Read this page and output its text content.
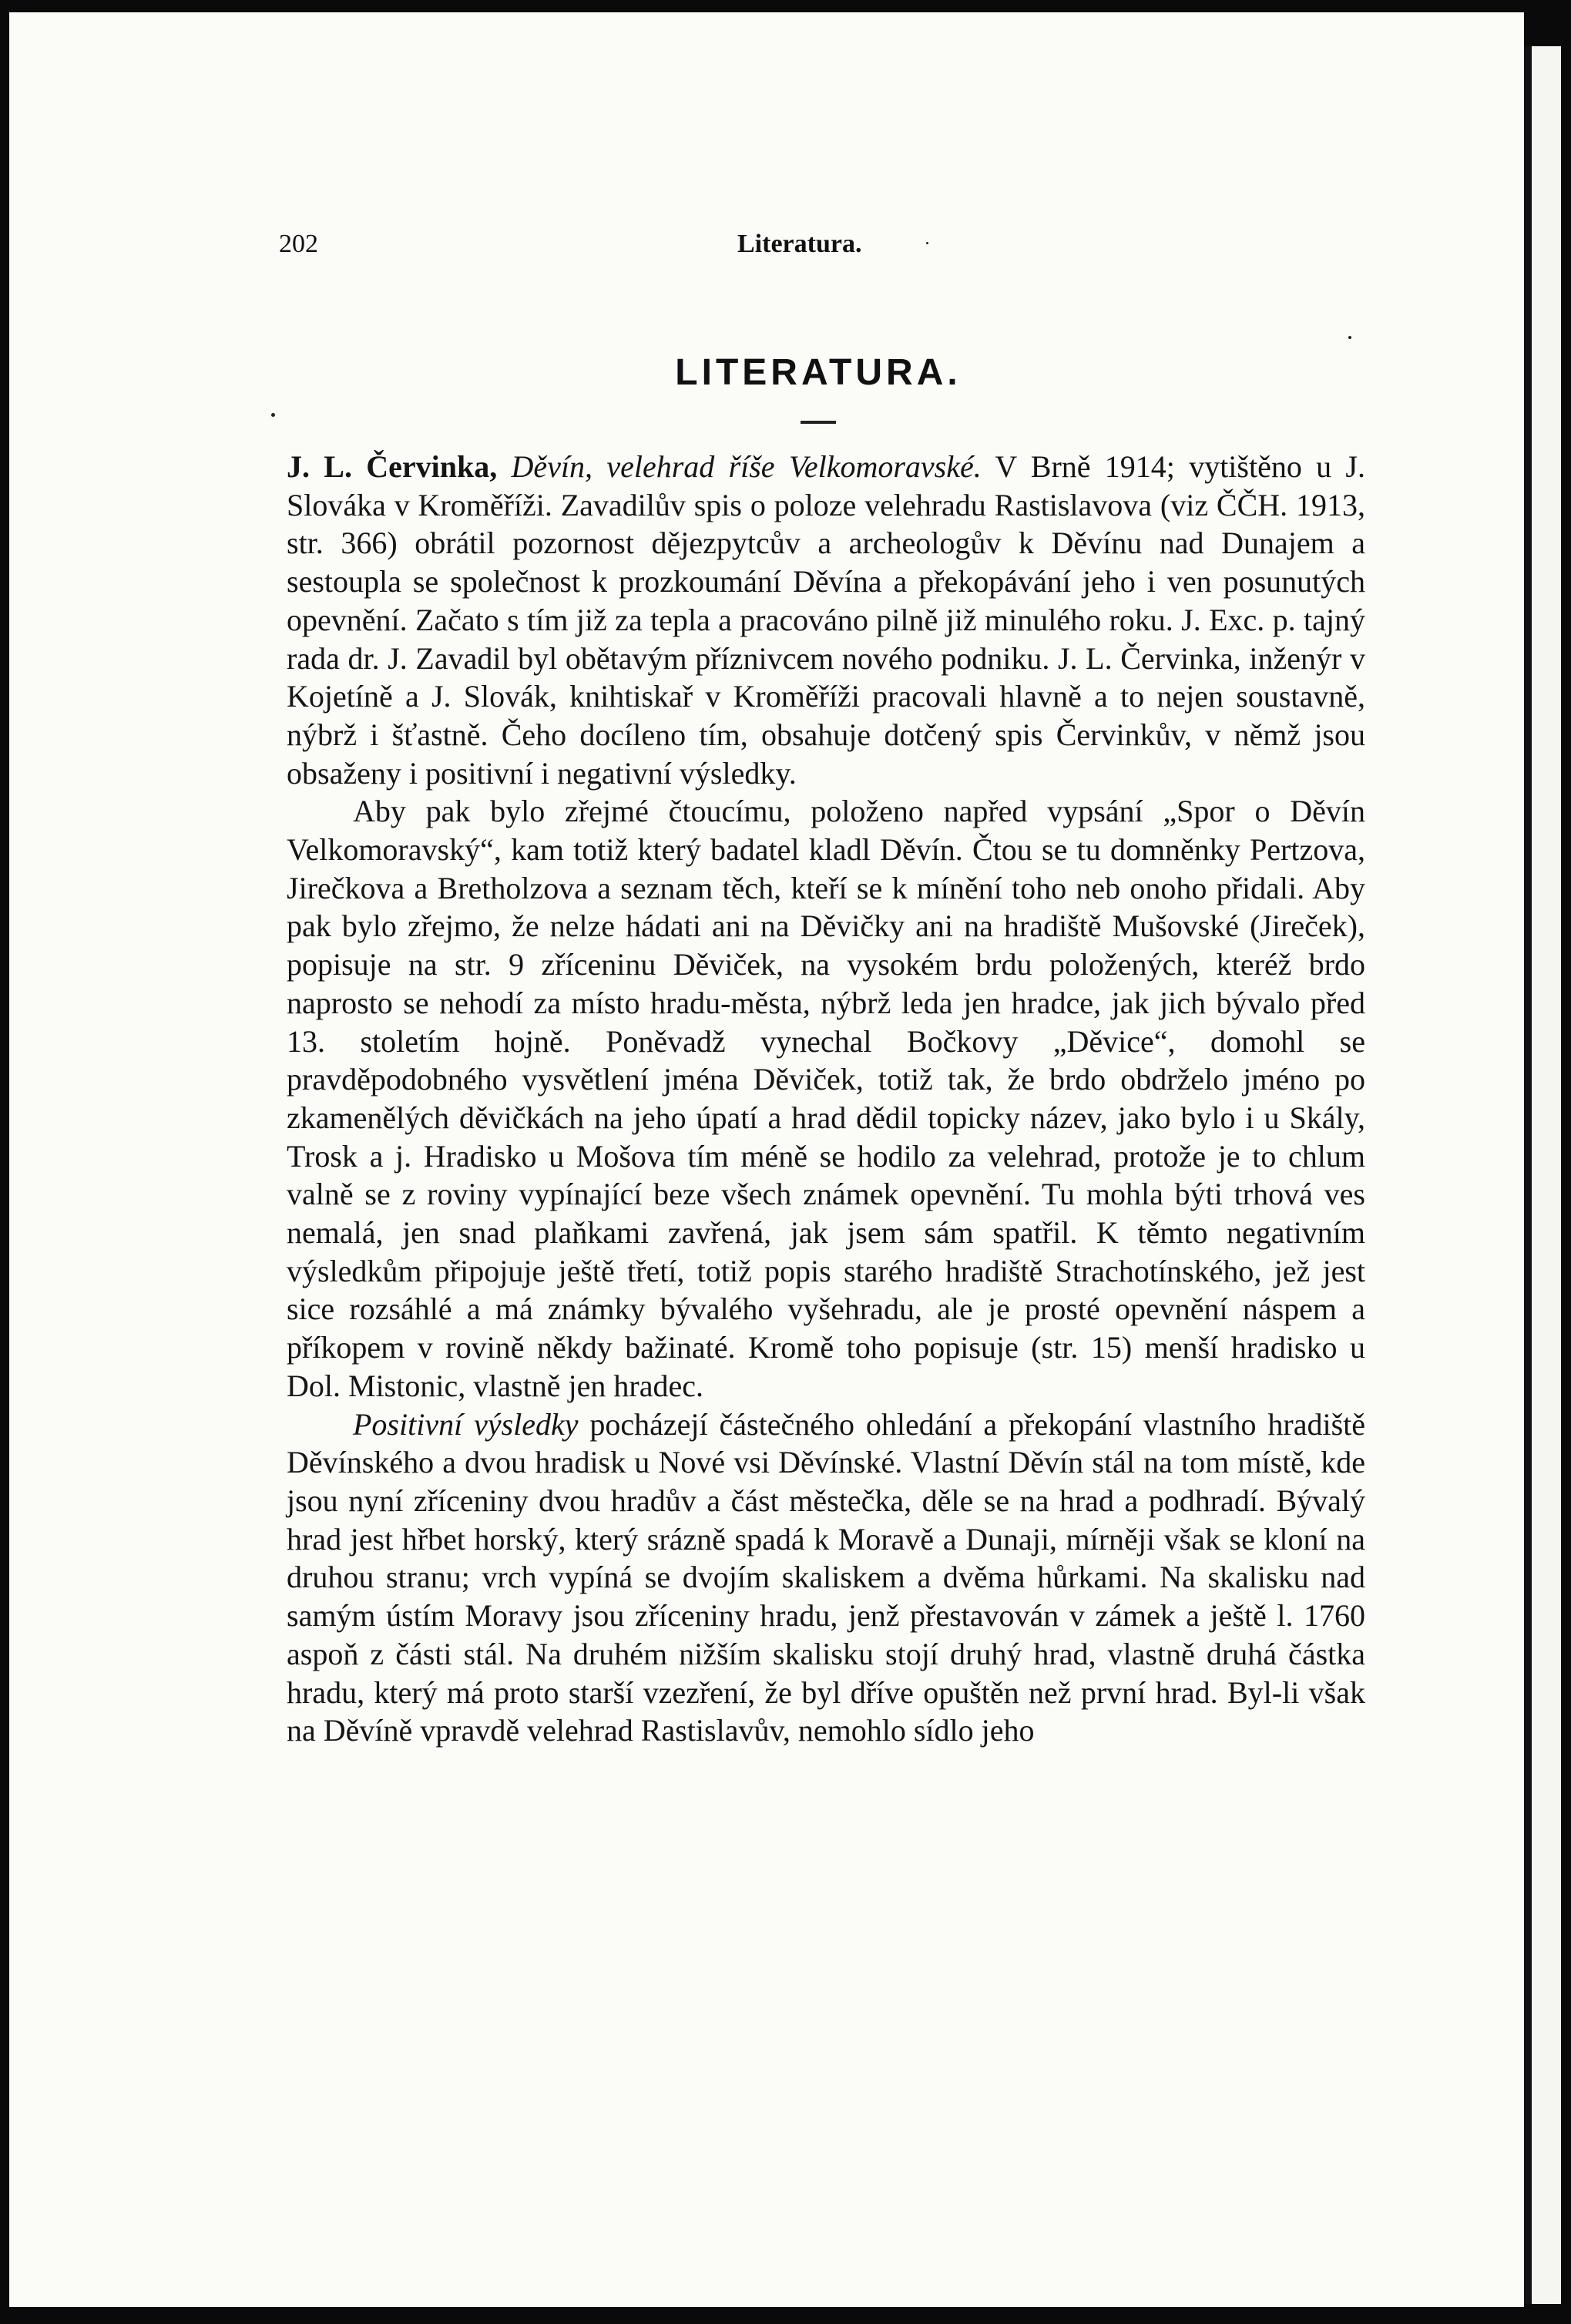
202	Literatura.
LITERATURA.

J. L. Červinka, Děvín, velehrad říše Velkomoravské. V Brně 1914; vytištěno u J. Slováka v Kroměříži. Zavadilův spis o poloze velehradu Rastislavova (viz ČČH. 1913, str. 366) obrátil pozornost dějezpytcův a archeologův k Děvínu nad Dunajem a sestoupla se společnost k prozkoumání Děvína a překopávání jeho i ven posunutých opevnění. Začato s tím již za tepla a pracováno pilně již minulého roku. J. Exc. p. tajný rada dr. J. Zavadil byl obětavým příznivcem nového podniku. J. L. Červinka, inženýr v Kojetíně a J. Slovák, knihtiskař v Kroměříži pracovali hlavně a to nejen soustavně, nýbrž i šťastně. Čeho docíleno tím, obsahuje dotčený spis Červinkův, v němž jsou obsaženy i positivní i negativní výsledky.

Aby pak bylo zřejmé čtoucímu, položeno napřed vypsání „Spor o Děvín Velkomoravský“, kam totiž který badatel kladl Děvín. Čtou se tu domněnky Pertzova, Jirečkova a Bretholzova a seznam těch, kteří se k mínění toho neb onoho přidali. Aby pak bylo zřejmo, že nelze hádati ani na Děvičky ani na hradiště Mušovské (Jireček), popisuje na str. 9 zříceninu Děviček, na vysokém brdu položených, kteréž brdo naprosto se nehodí za místo hradu-města, nýbrž leda jen hradce, jak jich bývalo před 13. stoletím hojně. Poněvadž vynechal Bočkovy „Děvice“, domohl se pravděpodobného vysvětlení jména Děviček, totiž tak, že brdo obdrželo jméno po zkamenělých děvičkách na jeho úpatí a hrad dědil topicky název, jako bylo i u Skály, Trosk a j. Hradisko u Mošova tím méně se hodilo za velehrad, protože je to chlum valně se z roviny vypínající beze všech známek opevnění. Tu mohla býti trhová ves nemalá, jen snad plaňkami zavřená, jak jsem sám spatřil. K těmto negativním výsledkům připojuje ještě třetí, totiž popis starého hradiště Strachotínského, jež jest sice rozsáhlé a má známky bývalého vyšehradu, ale je prosté opevnění náspem a příkopem v rovině někdy bažinaté. Kromě toho popisuje (str. 15) menší hradisko u Dol. Mistonic, vlastně jen hradec.

Positivní výsledky pocházejí částečného ohledání a překopání vlastního hradiště Děvínského a dvou hradisk u Nové vsi Děvínské. Vlastní Děvín stál na tom místě, kde jsou nyní zříceniny dvou hradův a část městečka, děle se na hrad a podhradí. Bývalý hrad jest hřbet horský, který srázně spadá k Moravě a Dunaji, mírněji však se kloní na druhou stranu; vrch vypíná se dvojím skaliskem a dvěma hůrkami. Na skalisku nad samým ústím Moravy jsou zříceniny hradu, jenž přestavován v zámek a ještě l. 1760 aspoň z části stál. Na druhém nižším skalisku stojí druhý hrad, vlastně druhá částka hradu, který má proto starší vzezření, že byl dříve opuštěn než první hrad. Byl-li však na Děvíně vpravdě velehrad Rastislavův, nemohlo sídlo jeho
